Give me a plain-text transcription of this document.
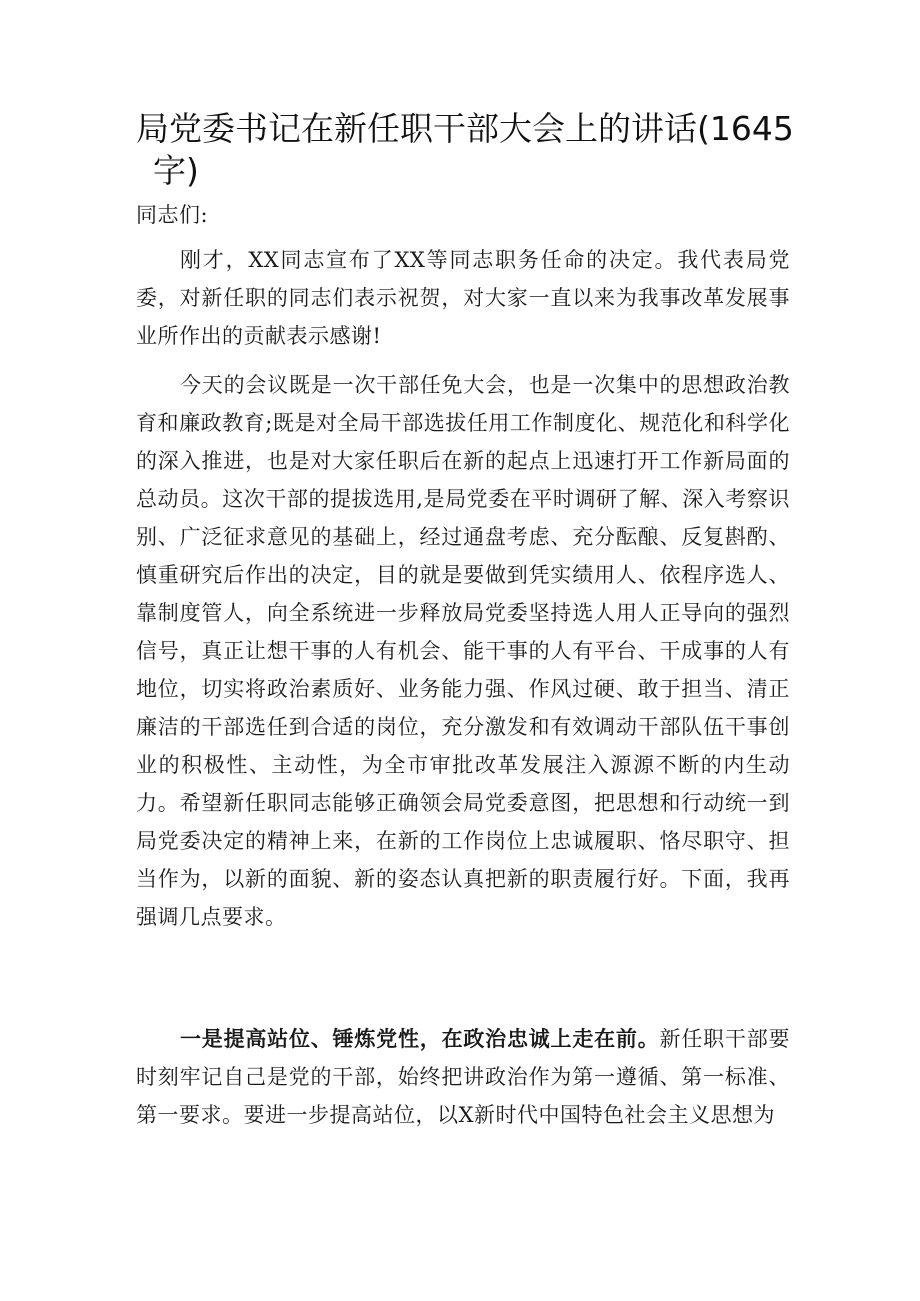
局党委书记在新任职干部大会上的讲话(1645
字)

同志们:

刚才，XX同志宣布了XX等同志职务任命的决定。我代表局党委，对新任职的同志们表示祝贺，对大家一直以来为我事改革发展事业所作出的贡献表示感谢!

今天的会议既是一次干部任免大会，也是一次集中的思想政治教育和廉政教育;既是对全局干部选拔任用工作制度化、规范化和科学化的深入推进，也是对大家任职后在新的起点上迅速打开工作新局面的总动员。这次干部的提拔选用,是局党委在平时调研了解、深入考察识别、广泛征求意见的基础上，经过通盘考虑、充分酝酿、反复斟酌、慎重研究后作出的决定，目的就是要做到凭实绩用人、依程序选人、靠制度管人，向全系统进一步释放局党委坚持选人用人正导向的强烈信号，真正让想干事的人有机会、能干事的人有平台、干成事的人有地位，切实将政治素质好、业务能力强、作风过硬、敢于担当、清正廉洁的干部选任到合适的岗位，充分激发和有效调动干部队伍干事创业的积极性、主动性，为全市审批改革发展注入源源不断的内生动力。希望新任职同志能够正确领会局党委意图，把思想和行动统一到局党委决定的精神上来，在新的工作岗位上忠诚履职、恪尽职守、担当作为，以新的面貌、新的姿态认真把新的职责履行好。下面，我再强调几点要求。

一是提高站位、锤炼党性，在政治忠诚上走在前。新任职干部要时刻牢记自己是党的干部，始终把讲政治作为第一遵循、第一标准、第一要求。要进一步提高站位，以X新时代中国特色社会主义思想为
